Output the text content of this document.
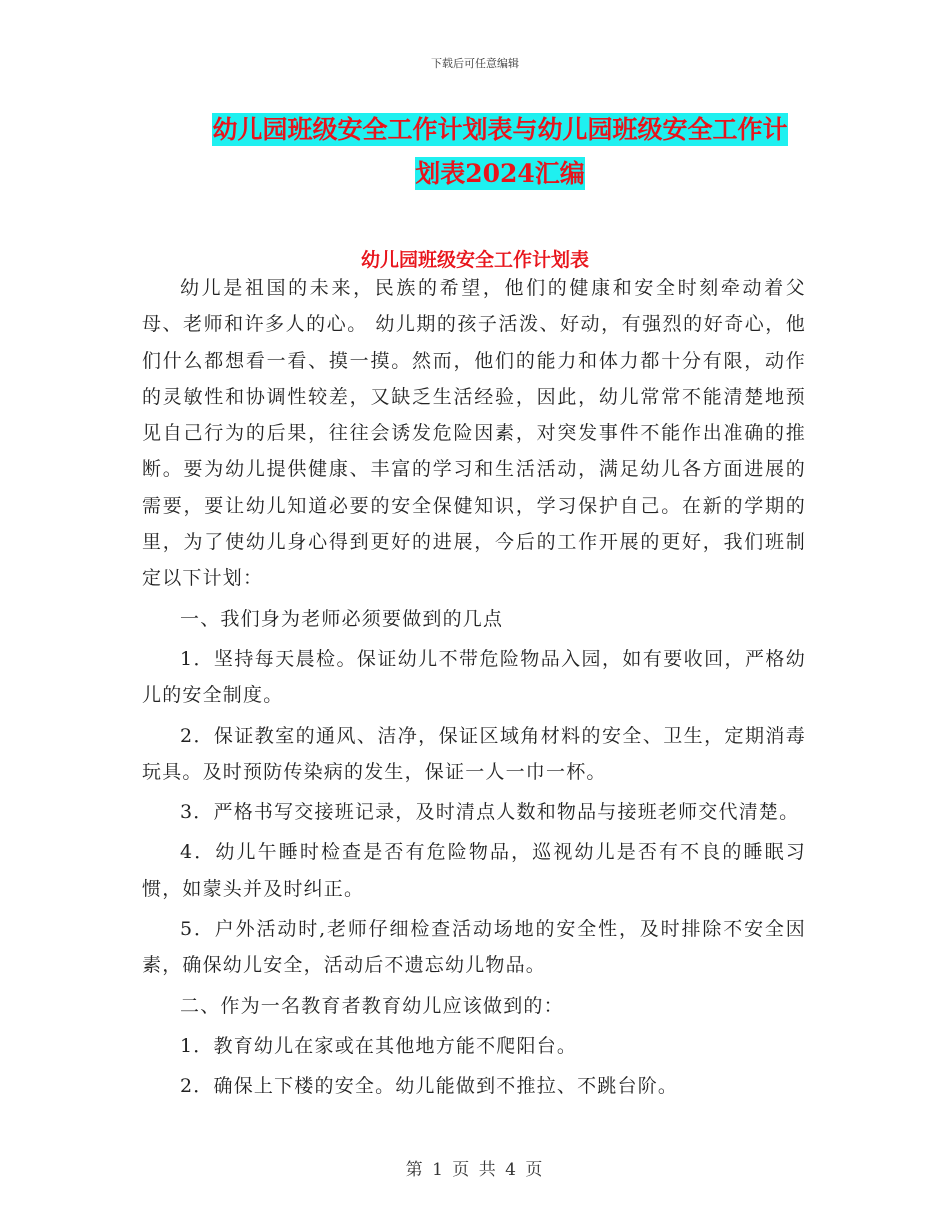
下载后可任意编辑
幼儿园班级安全工作计划表与幼儿园班级安全工作计
划表2024汇编
幼儿园班级安全工作计划表

幼儿是祖国的未来，民族的希望，他们的健康和安全时刻牵动着父母、老师和许多人的心。 幼儿期的孩子活泼、好动，有强烈的好奇心，他们什么都想看一看、摸一摸。然而，他们的能力和体力都十分有限，动作的灵敏性和协调性较差，又缺乏生活经验，因此，幼儿常常不能清楚地预见自己行为的后果，往往会诱发危险因素，对突发事件不能作出准确的推断。要为幼儿提供健康、丰富的学习和生活活动，满足幼儿各方面进展的需要，要让幼儿知道必要的安全保健知识，学习保护自己。在新的学期的里，为了使幼儿身心得到更好的进展，今后的工作开展的更好，我们班制定以下计划：

一、我们身为老师必须要做到的几点

1．坚持每天晨检。保证幼儿不带危险物品入园，如有要收回，严格幼儿的安全制度。

2．保证教室的通风、洁净，保证区域角材料的安全、卫生，定期消毒玩具。及时预防传染病的发生，保证一人一巾一杯。

3．严格书写交接班记录，及时清点人数和物品与接班老师交代清楚。

4．幼儿午睡时检查是否有危险物品，巡视幼儿是否有不良的睡眠习惯，如蒙头并及时纠正。

5．户外活动时,老师仔细检查活动场地的安全性，及时排除不安全因素，确保幼儿安全，活动后不遗忘幼儿物品。

二、作为一名教育者教育幼儿应该做到的：

1．教育幼儿在家或在其他地方能不爬阳台。

2．确保上下楼的安全。幼儿能做到不推拉、不跳台阶。

第 1 页 共 4 页
